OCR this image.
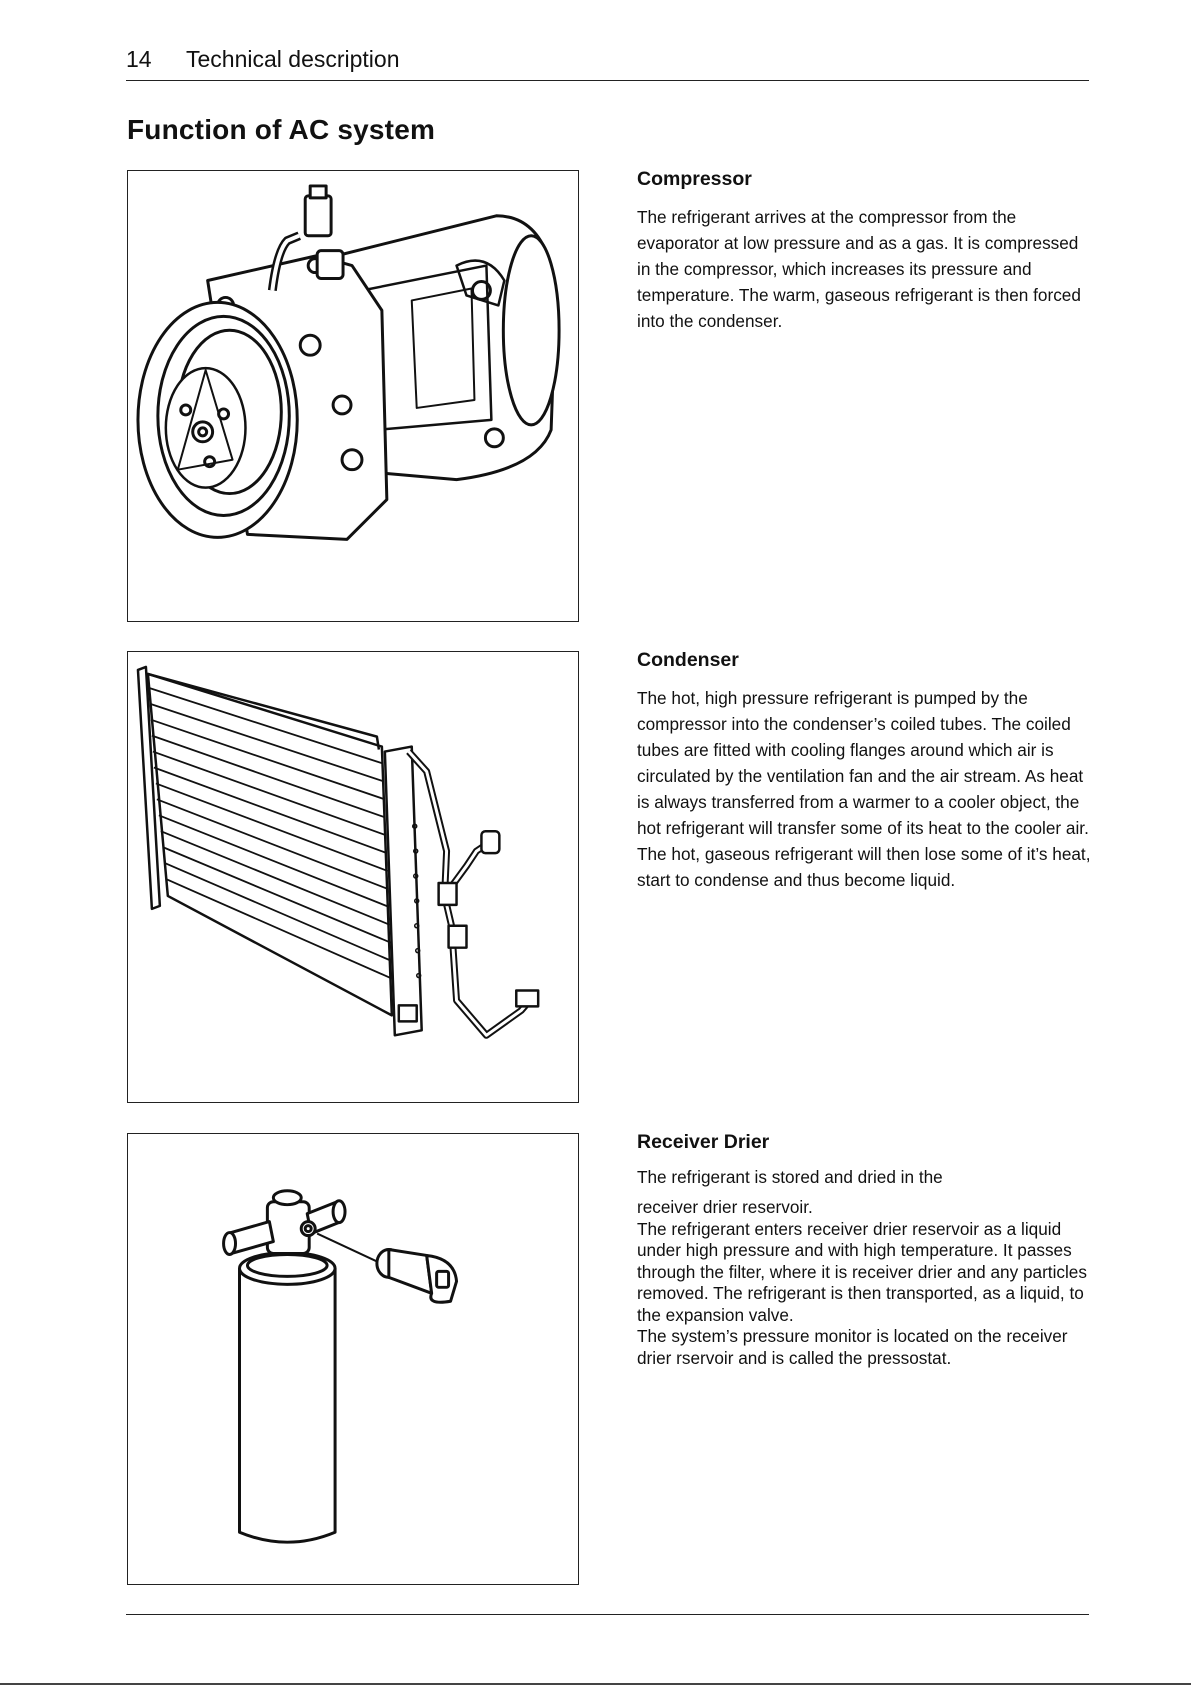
14 Technical description
Function of AC system
Compressor

The refrigerant arrives at the compressor from the evaporator at low pressure and as a gas. It is compressed in the compressor, which increases its pressure and temperature. The warm, gaseous refrigerant is then forced into the condenser.

Condenser

The hot, high pressure refrigerant is pumped by the compressor into the condenser’s coiled tubes. The coiled tubes are fitted with cooling flanges around which air is circulated by the ventilation fan and the air stream. As heat is always transferred from a warmer to a cooler object, the hot refrigerant will transfer some of its heat to the cooler air. The hot, gaseous refrigerant will then lose some of it’s heat, start to condense and thus become liquid.

Receiver Drier

The refrigerant is stored and dried in the

receiver drier reservoir.

The refrigerant enters receiver drier reservoir as a liquid under high pressure and with high temperature. It passes through the filter, where it is receiver drier and any particles removed. The refrigerant is then transported, as a liquid, to the expansion valve.

The system’s pressure monitor is located on the receiver drier rservoir and is called the pressostat.
